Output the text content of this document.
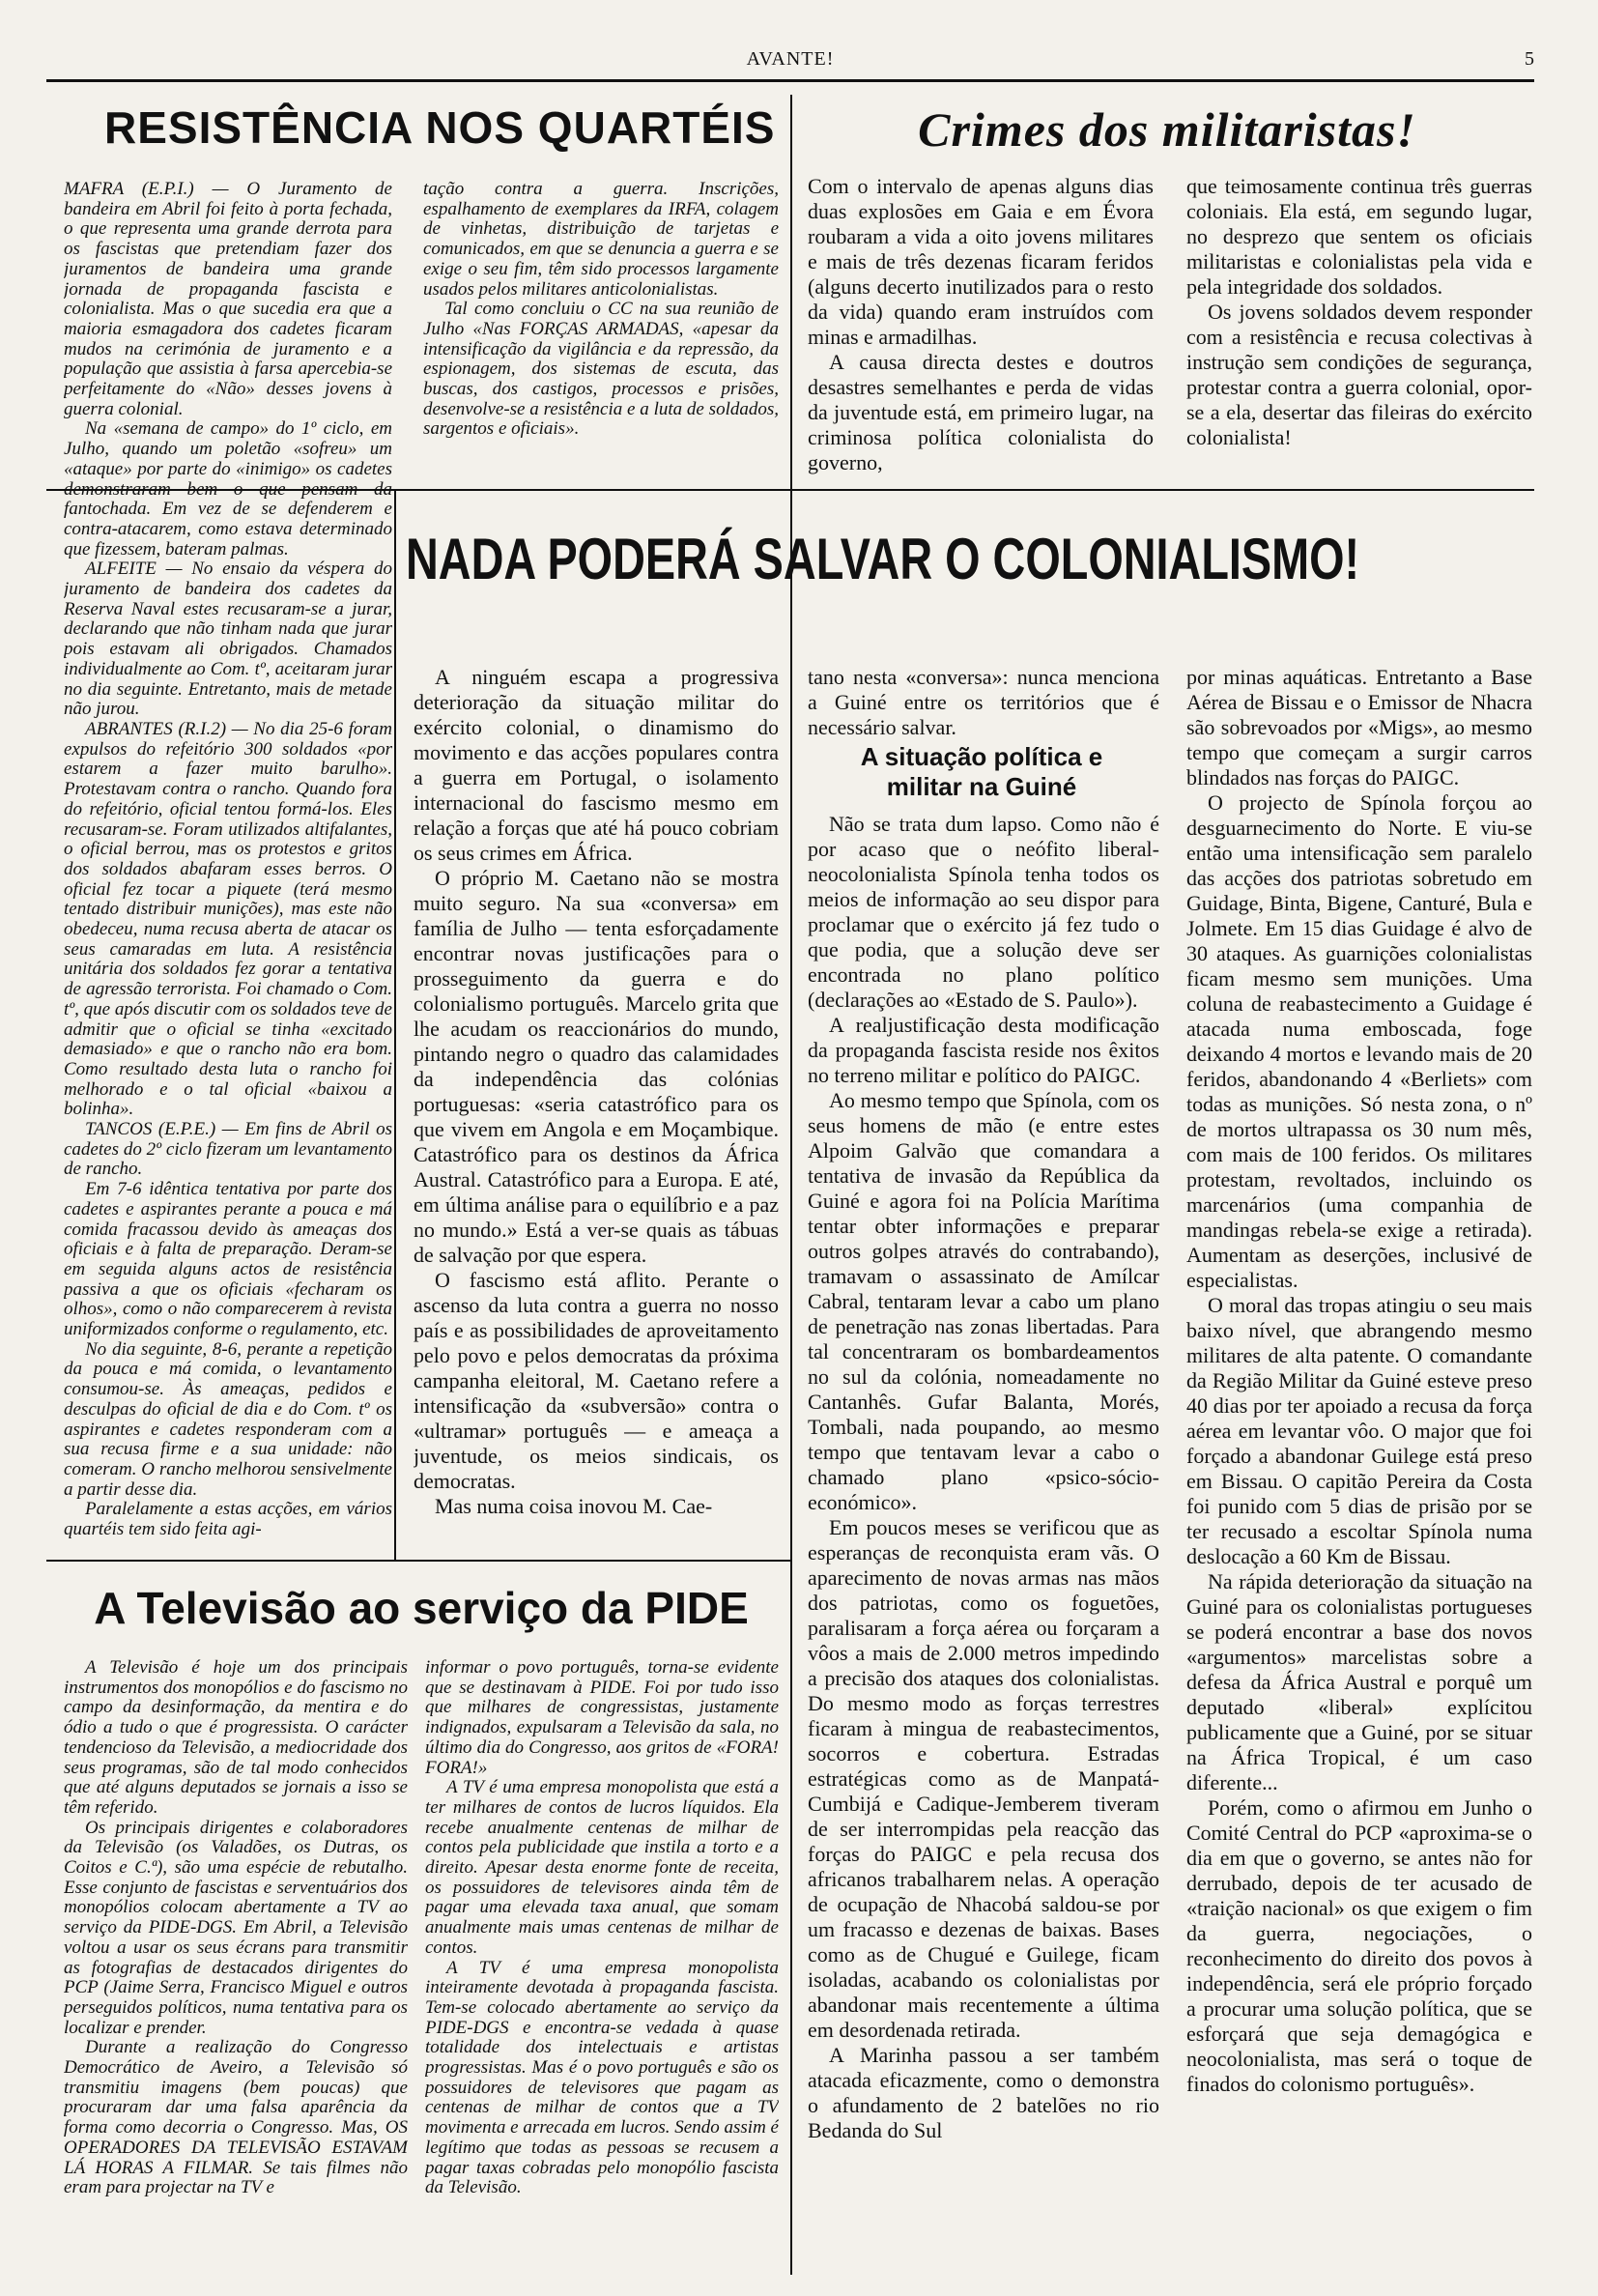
AVANTE!	5
RESISTÊNCIA NOS QUARTÉIS

MAFRA (E.P.I.) — O Juramento de bandeira em Abril foi feito à porta fechada, o que representa uma grande derrota para os fascistas que pretendiam fazer dos juramentos de bandeira uma grande jornada de propaganda fascista e colonialista. Mas o que sucedia era que a maioria esmagadora dos cadetes ficaram mudos na cerimónia de juramento e a população que assistia à farsa apercebia-se perfeitamente do «Não» desses jovens à guerra colonial.

Na «semana de campo» do 1º ciclo, em Julho, quando um poletão «sofreu» um «ataque» por parte do «inimigo» os cadetes demonstraram bem o que pensam da fantochada. Em vez de se defenderem e contra-atacarem, como estava determinado que fizessem, bateram palmas.

ALFEITE — No ensaio da véspera do juramento de bandeira dos cadetes da Reserva Naval estes recusaram-se a jurar, declarando que não tinham nada que jurar pois estavam ali obrigados. Chamados individualmente ao Com. tº, aceitaram jurar no dia seguinte. Entretanto, mais de metade não jurou.

ABRANTES (R.I.2) — No dia 25-6 foram expulsos do refeitório 300 soldados «por estarem a fazer muito barulho». Protestavam contra o rancho. Quando fora do refeitório, oficial tentou formá-los. Eles recusaram-se. Foram utilizados altifalantes, o oficial berrou, mas os protestos e gritos dos soldados abafaram esses berros. O oficial fez tocar a piquete (terá mesmo tentado distribuir munições), mas este não obedeceu, numa recusa aberta de atacar os seus camaradas em luta. A resistência unitária dos soldados fez gorar a tentativa de agressão terrorista. Foi chamado o Com. tº, que após discutir com os soldados teve de admitir que o oficial se tinha «excitado demasiado» e que o rancho não era bom. Como resultado desta luta o rancho foi melhorado e o tal oficial «baixou a bolinha».

TANCOS (E.P.E.) — Em fins de Abril os cadetes do 2º ciclo fizeram um levantamento de rancho.

Em 7-6 idêntica tentativa por parte dos cadetes e aspirantes perante a pouca e má comida fracassou devido às ameaças dos oficiais e à falta de preparação. Deram-se em seguida alguns actos de resistência passiva a que os oficiais «fecharam os olhos», como o não comparecerem à revista uniformizados conforme o regulamento, etc.

No dia seguinte, 8-6, perante a repetição da pouca e má comida, o levantamento consumou-se. Às ameaças, pedidos e desculpas do oficial de dia e do Com. tº os aspirantes e cadetes responderam com a sua recusa firme e a sua unidade: não comeram. O rancho melhorou sensivelmente a partir desse dia.

Paralelamente a estas acções, em vários quartéis tem sido feita agi-

tação contra a guerra. Inscrições, espalhamento de exemplares da IRFA, colagem de vinhetas, distribuição de tarjetas e comunicados, em que se denuncia a guerra e se exige o seu fim, têm sido processos largamente usados pelos militares anticolonialistas.

Tal como concluiu o CC na sua reunião de Julho «Nas FORÇAS ARMADAS, «apesar da intensificação da vigilância e da repressão, da espionagem, dos sistemas de escuta, das buscas, dos castigos, processos e prisões, desenvolve-se a resistência e a luta de soldados, sargentos e oficiais».

Crimes dos militaristas!

Com o intervalo de apenas alguns dias duas explosões em Gaia e em Évora roubaram a vida a oito jovens militares e mais de três dezenas ficaram feridos (alguns decerto inutilizados para o resto da vida) quando eram instruídos com minas e armadilhas.

A causa directa destes e doutros desastres semelhantes e perda de vidas da juventude está, em primeiro lugar, na criminosa política colonialista do governo,

que teimosamente continua três guerras coloniais. Ela está, em segundo lugar, no desprezo que sentem os oficiais militaristas e colonialistas pela vida e pela integridade dos soldados.

Os jovens soldados devem responder com a resistência e recusa colectivas à instrução sem condições de segurança, protestar contra a guerra colonial, opor-se a ela, desertar das fileiras do exército colonialista!

NADA PODERÁ SALVAR O COLONIALISMO!

A ninguém escapa a progressiva deterioração da situação militar do exército colonial, o dinamismo do movimento e das acções populares contra a guerra em Portugal, o isolamento internacional do fascismo mesmo em relação a forças que até há pouco cobriam os seus crimes em África.

O próprio M. Caetano não se mostra muito seguro. Na sua «conversa» em família de Julho — tenta esforçadamente encontrar novas justificações para o prosseguimento da guerra e do colonialismo português. Marcelo grita que lhe acudam os reaccionários do mundo, pintando negro o quadro das calamidades da independência das colónias portuguesas: «seria catastrófico para os que vivem em Angola e em Moçambique. Catastrófico para os destinos da África Austral. Catastrófico para a Europa. E até, em última análise para o equilíbrio e a paz no mundo.» Está a ver-se quais as tábuas de salvação por que espera.

O fascismo está aflito. Perante o ascenso da luta contra a guerra no nosso país e as possibilidades de aproveitamento pelo povo e pelos democratas da próxima campanha eleitoral, M. Caetano refere a intensificação da «subversão» contra o «ultramar» português — e ameaça a juventude, os meios sindicais, os democratas.

Mas numa coisa inovou M. Cae-

tano nesta «conversa»: nunca menciona a Guiné entre os territórios que é necessário salvar.

A situação política e militar na Guiné

Não se trata dum lapso. Como não é por acaso que o neófito liberal-neocolonialista Spínola tenha todos os meios de informação ao seu dispor para proclamar que o exército já fez tudo o que podia, que a solução deve ser encontrada no plano político (declarações ao «Estado de S. Paulo»).

A realjustificação desta modificação da propaganda fascista reside nos êxitos no terreno militar e político do PAIGC.

Ao mesmo tempo que Spínola, com os seus homens de mão (e entre estes Alpoim Galvão que comandara a tentativa de invasão da República da Guiné e agora foi na Polícia Marítima tentar obter informações e preparar outros golpes através do contrabando), tramavam o assassinato de Amílcar Cabral, tentaram levar a cabo um plano de penetração nas zonas libertadas. Para tal concentraram os bombardeamentos no sul da colónia, nomeadamente no Cantanhês. Gufar Balanta, Morés, Tombali, nada poupando, ao mesmo tempo que tentavam levar a cabo o chamado plano «psico-sócio-económico».

Em poucos meses se verificou que as esperanças de reconquista eram vãs. O aparecimento de novas armas nas mãos dos patriotas, como os foguetões, paralisaram a força aérea ou forçaram a vôos a mais de 2.000 metros impedindo a precisão dos ataques dos colonialistas. Do mesmo modo as forças terrestres ficaram à mingua de reabastecimentos, socorros e cobertura. Estradas estratégicas como as de Manpatá-Cumbijá e Cadique-Jemberem tiveram de ser interrompidas pela reacção das forças do PAIGC e pela recusa dos africanos trabalharem nelas. A operação de ocupação de Nhacobá saldou-se por um fracasso e dezenas de baixas. Bases como as de Chugué e Guilege, ficam isoladas, acabando os colonialistas por abandonar mais recentemente a última em desordenada retirada.

A Marinha passou a ser também atacada eficazmente, como o demonstra o afundamento de 2 batelões no rio Bedanda do Sul

por minas aquáticas. Entretanto a Base Aérea de Bissau e o Emissor de Nhacra são sobrevoados por «Migs», ao mesmo tempo que começam a surgir carros blindados nas forças do PAIGC.

O projecto de Spínola forçou ao desguarnecimento do Norte. E viu-se então uma intensificação sem paralelo das acções dos patriotas sobretudo em Guidage, Binta, Bigene, Canturé, Bula e Jolmete. Em 15 dias Guidage é alvo de 30 ataques. As guarnições colonialistas ficam mesmo sem munições. Uma coluna de reabastecimento a Guidage é atacada numa emboscada, foge deixando 4 mortos e levando mais de 20 feridos, abandonando 4 «Berliets» com todas as munições. Só nesta zona, o nº de mortos ultrapassa os 30 num mês, com mais de 100 feridos. Os militares protestam, revoltados, incluindo os marcenários (uma companhia de mandingas rebela-se exige a retirada). Aumentam as deserções, inclusivé de especialistas.

O moral das tropas atingiu o seu mais baixo nível, que abrangendo mesmo militares de alta patente. O comandante da Região Militar da Guiné esteve preso 40 dias por ter apoiado a recusa da força aérea em levantar vôo. O major que foi forçado a abandonar Guilege está preso em Bissau. O capitão Pereira da Costa foi punido com 5 dias de prisão por se ter recusado a escoltar Spínola numa deslocação a 60 Km de Bissau.

Na rápida deterioração da situação na Guiné para os colonialistas portugueses se poderá encontrar a base dos novos «argumentos» marcelistas sobre a defesa da África Austral e porquê um deputado «liberal» explícitou publicamente que a Guiné, por se situar na África Tropical, é um caso diferente...

Porém, como o afirmou em Junho o Comité Central do PCP «aproxima-se o dia em que o governo, se antes não for derrubado, depois de ter acusado de «traição nacional» os que exigem o fim da guerra, negociações, o reconhecimento do direito dos povos à independência, será ele próprio forçado a procurar uma solução política, que se esforçará que seja demagógica e neocolonialista, mas será o toque de finados do colonismo português».

A Televisão ao serviço da PIDE

A Televisão é hoje um dos principais instrumentos dos monopólios e do fascismo no campo da desinformação, da mentira e do ódio a tudo o que é progressista. O carácter tendencioso da Televisão, a mediocridade dos seus programas, são de tal modo conhecidos que até alguns deputados se jornais a isso se têm referido.

Os principais dirigentes e colaboradores da Televisão (os Valadões, os Dutras, os Coitos e C.ª), são uma espécie de rebutalho. Esse conjunto de fascistas e serventuários dos monopólios colocam abertamente a TV ao serviço da PIDE-DGS. Em Abril, a Televisão voltou a usar os seus écrans para transmitir as fotografias de destacados dirigentes do PCP (Jaime Serra, Francisco Miguel e outros perseguidos políticos, numa tentativa para os localizar e prender.

Durante a realização do Congresso Democrático de Aveiro, a Televisão só transmitiu imagens (bem poucas) que procuraram dar uma falsa aparência da forma como decorria o Congresso. Mas, OS OPERADORES DA TELEVISÃO ESTAVAM LÁ HORAS A FILMAR. Se tais filmes não eram para projectar na TV e

informar o povo português, torna-se evidente que se destinavam à PIDE. Foi por tudo isso que milhares de congressistas, justamente indignados, expulsaram a Televisão da sala, no último dia do Congresso, aos gritos de «FORA! FORA!»

A TV é uma empresa monopolista que está a ter milhares de contos de lucros líquidos. Ela recebe anualmente centenas de milhar de contos pela publicidade que instila a torto e a direito. Apesar desta enorme fonte de receita, os possuidores de televisores ainda têm de pagar uma elevada taxa anual, que somam anualmente mais umas centenas de milhar de contos.

A TV é uma empresa monopolista inteiramente devotada à propaganda fascista. Tem-se colocado abertamente ao serviço da PIDE-DGS e encontra-se vedada à quase totalidade dos intelectuais e artistas progressistas. Mas é o povo português e são os possuidores de televisores que pagam as centenas de milhar de contos que a TV movimenta e arrecada em lucros. Sendo assim é legítimo que todas as pessoas se recusem a pagar taxas cobradas pelo monopólio fascista da Televisão.
